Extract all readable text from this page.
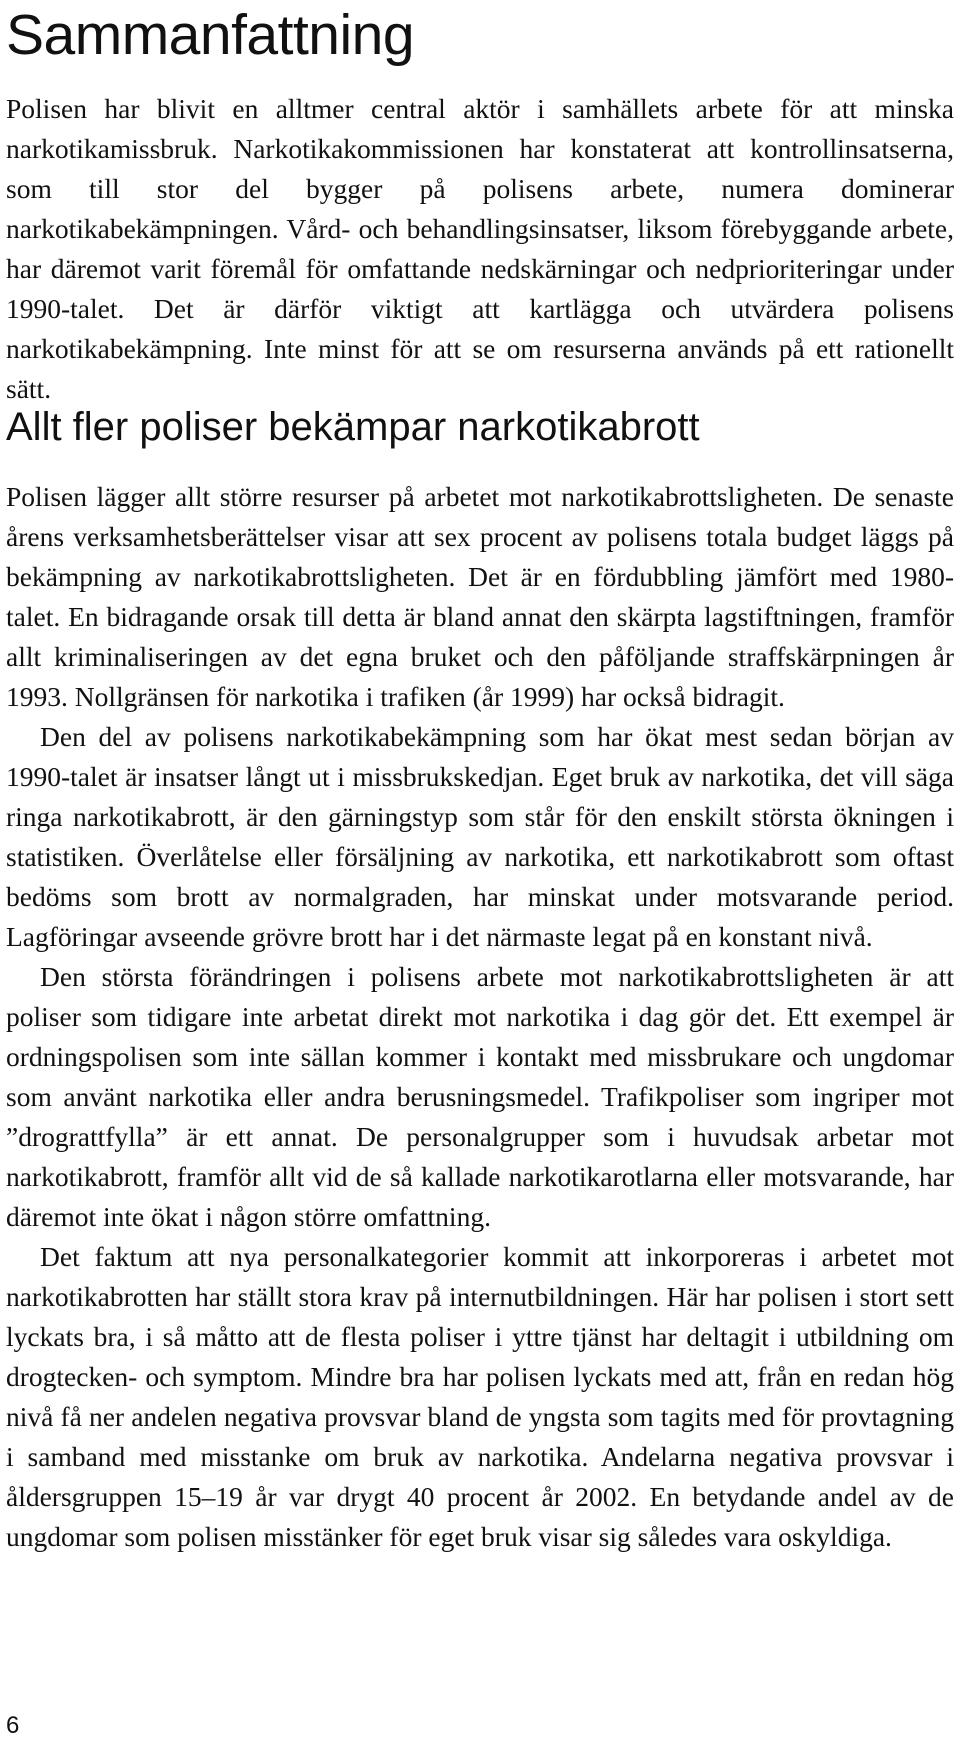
Sammanfattning

Polisen har blivit en alltmer central aktör i samhällets arbete för att minska narkotikamissbruk. Narkotikakommissionen har konstaterat att kontrollinsatserna, som till stor del bygger på polisens arbete, numera dominerar narkotikabekämpningen. Vård- och behandlingsinsatser, liksom förebyggande arbete, har däremot varit föremål för omfattande nedskärningar och nedprioriteringar under 1990-talet. Det är därför viktigt att kartlägga och utvärdera polisens narkotikabekämpning. Inte minst för att se om resurserna används på ett rationellt sätt.

Allt fler poliser bekämpar narkotikabrott

Polisen lägger allt större resurser på arbetet mot narkotikabrottsligheten. De senaste årens verksamhetsberättelser visar att sex procent av polisens totala budget läggs på bekämpning av narkotikabrottsligheten. Det är en fördubbling jämfört med 1980-talet. En bidragande orsak till detta är bland annat den skärpta lagstiftningen, framför allt kriminaliseringen av det egna bruket och den påföljande straffskärpningen år 1993. Nollgränsen för narkotika i trafiken (år 1999) har också bidragit.

Den del av polisens narkotikabekämpning som har ökat mest sedan början av 1990-talet är insatser långt ut i missbrukskedjan. Eget bruk av narkotika, det vill säga ringa narkotikabrott, är den gärningstyp som står för den enskilt största ökningen i statistiken. Överlåtelse eller försäljning av narkotika, ett narkotikabrott som oftast bedöms som brott av normalgraden, har minskat under motsvarande period. Lagföringar avseende grövre brott har i det närmaste legat på en konstant nivå.

Den största förändringen i polisens arbete mot narkotikabrottsligheten är att poliser som tidigare inte arbetat direkt mot narkotika i dag gör det. Ett exempel är ordningspolisen som inte sällan kommer i kontakt med missbrukare och ungdomar som använt narkotika eller andra berusningsmedel. Trafikpoliser som ingriper mot ”drograttfylla” är ett annat. De personalgrupper som i huvudsak arbetar mot narkotikabrott, framför allt vid de så kallade narkotikarotlarna eller motsvarande, har däremot inte ökat i någon större omfattning.

Det faktum att nya personalkategorier kommit att inkorporeras i arbetet mot narkotikabrotten har ställt stora krav på internutbildningen. Här har polisen i stort sett lyckats bra, i så måtto att de flesta poliser i yttre tjänst har deltagit i utbildning om drogtecken- och symptom. Mindre bra har polisen lyckats med att, från en redan hög nivå få ner andelen negativa provsvar bland de yngsta som tagits med för provtagning i samband med misstanke om bruk av narkotika. Andelarna negativa provsvar i åldersgruppen 15–19 år var drygt 40 procent år 2002. En betydande andel av de ungdomar som polisen misstänker för eget bruk visar sig således vara oskyldiga.

6
